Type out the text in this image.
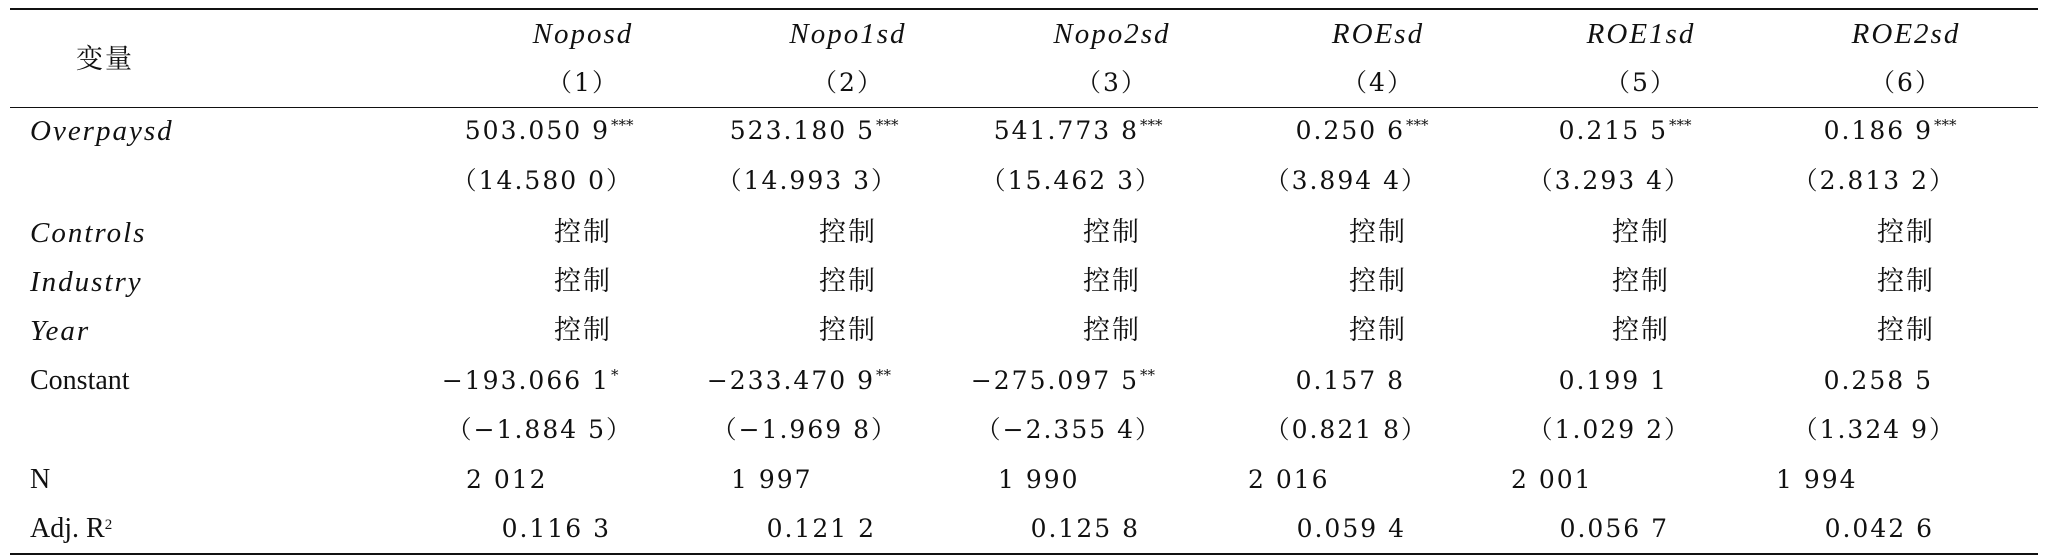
变量
Noposd
（1）
Nopo1sd
（2）
Nopo2sd
（3）
ROEsd
（4）
ROE1sd
（5）
ROE2sd
（6）
Overpaysd
Controls
Industry
Year
Constant
N
Adj. $R^2$
503.050 9***
（14.580 0）
控制
控制
控制
−193.066 1*
（−1.884 5）
2 012
0.116 3
523.180 5***
（14.993 3）
控制
控制
控制
−233.470 9**
（−1.969 8）
1 997
0.121 2
541.773 8***
（15.462 3）
控制
控制
控制
−275.097 5**
（−2.355 4）
1 990
0.125 8
0.250 6***
（3.894 4）
控制
控制
控制
0.157 8
（0.821 8）
2 016
0.059 4
0.215 5***
（3.293 4）
控制
控制
控制
0.199 1
（1.029 2）
2 001
0.056 7
0.186 9***
（2.813 2）
控制
控制
控制
0.258 5
（1.324 9）
1 994
0.042 6
